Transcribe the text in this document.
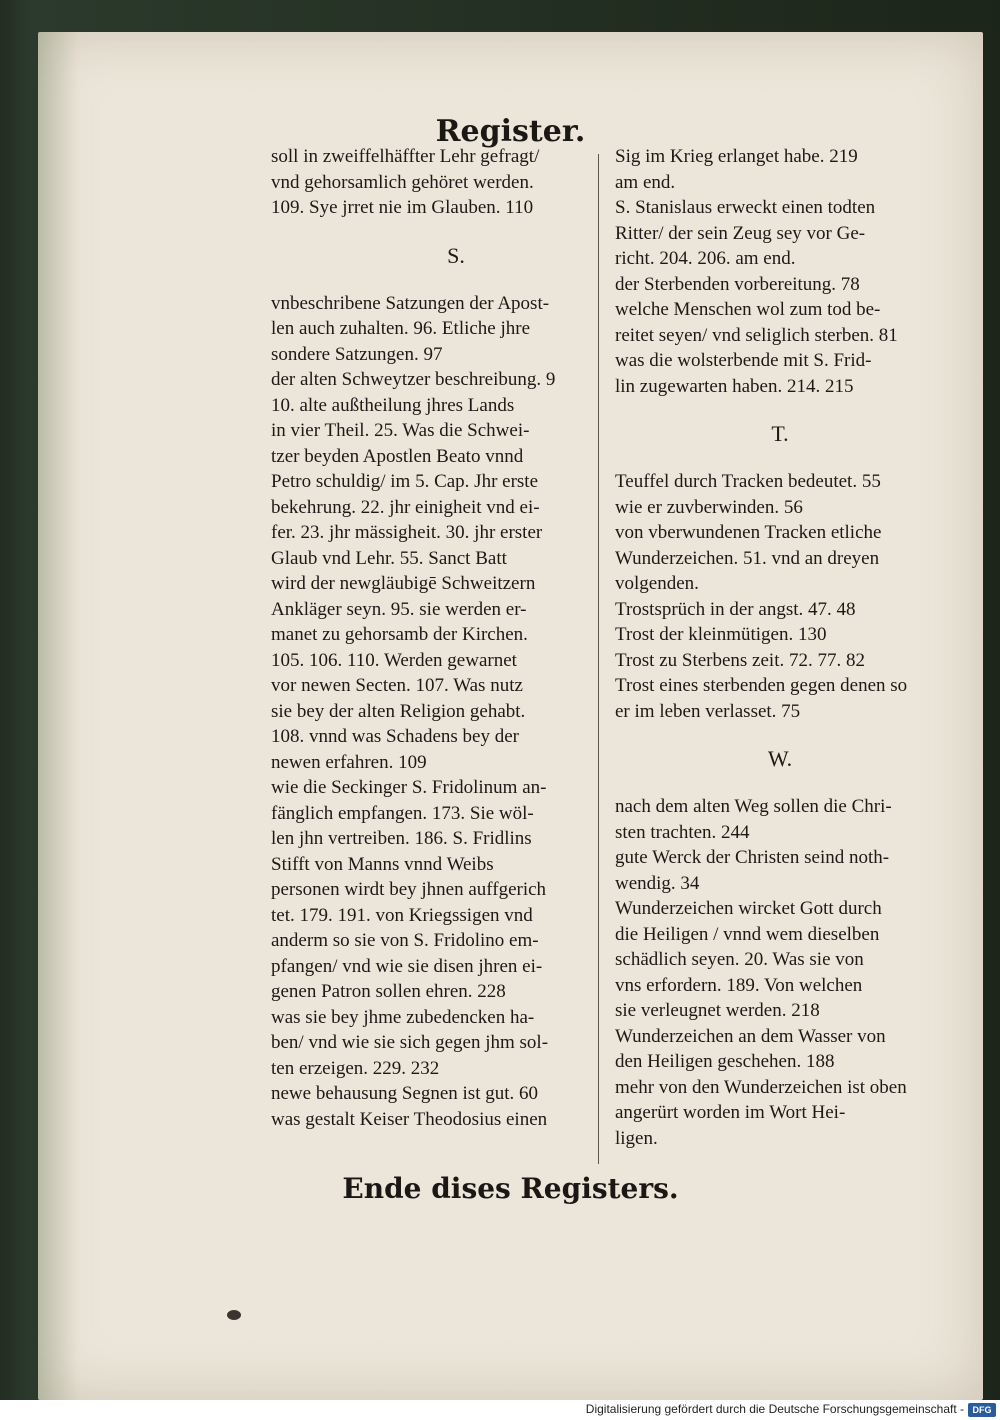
Register.
soll in zweiffelhäffter Lehr gefragt/
vnd gehorsamlich gehöret werden.
109. Sye jrret nie im Glauben. 110
S.
vnbeschribene Satzungen der Apost-
len auch zuhalten. 96. Etliche jhre
sondere Satzungen. 97
der alten Schweytzer beschreibung. 9
10. alte außtheilung jhres Lands
in vier Theil. 25. Was die Schwei-
tzer beyden Apostlen Beato vnnd
Petro schuldig/ im 5. Cap. Jhr erste
bekehrung. 22. jhr einigheit vnd ei-
fer. 23. jhr mässigheit. 30. jhr erster
Glaub vnd Lehr. 55. Sanct Batt
wird der newgläubigē Schweitzern
Ankläger seyn. 95. sie werden er-
manet zu gehorsamb der Kirchen.
105. 106. 110. Werden gewarnet
vor newen Secten. 107. Was nutz
sie bey der alten Religion gehabt.
108. vnnd was Schadens bey der
newen erfahren. 109
wie die Seckinger S. Fridolinum an-
fänglich empfangen. 173. Sie wöl-
len jhn vertreiben. 186. S. Fridlins
Stifft von Manns vnnd Weibs
personen wirdt bey jhnen auffgerich
tet. 179. 191. von Kriegssigen vnd
anderm so sie von S. Fridolino em-
pfangen/ vnd wie sie disen jhren ei-
genen Patron sollen ehren. 228
was sie bey jhme zubedencken ha-
ben/ vnd wie sie sich gegen jhm sol-
ten erzeigen. 229. 232
newe behausung Segnen ist gut. 60
was gestalt Keiser Theodosius einen
Sig im Krieg erlanget habe. 219
am end.
S. Stanislaus erweckt einen todten
Ritter/ der sein Zeug sey vor Ge-
richt. 204. 206. am end.
der Sterbenden vorbereitung. 78
welche Menschen wol zum tod be-
reitet seyen/ vnd seliglich sterben. 81
was die wolsterbende mit S. Frid-
lin zugewarten haben. 214. 215
T.
Teuffel durch Tracken bedeutet. 55
wie er zuvberwinden. 56
von vberwundenen Tracken etliche
Wunderzeichen. 51. vnd an dreyen
volgenden.
Trostsprüch in der angst. 47. 48
Trost der kleinmütigen. 130
Trost zu Sterbens zeit. 72. 77. 82
Trost eines sterbenden gegen denen so
er im leben verlasset. 75
W.
nach dem alten Weg sollen die Chri-
sten trachten. 244
gute Werck der Christen seind noth-
wendig. 34
Wunderzeichen wircket Gott durch
die Heiligen / vnnd wem dieselben
schädlich seyen. 20. Was sie von
vns erfordern. 189. Von welchen
sie verleugnet werden. 218
Wunderzeichen an dem Wasser von
den Heiligen geschehen. 188
mehr von den Wunderzeichen ist oben
angerürt worden im Wort Hei-
ligen.
Ende dises Registers.
Digitalisierung gefördert durch die Deutsche Forschungsgemeinschaft - DFG
